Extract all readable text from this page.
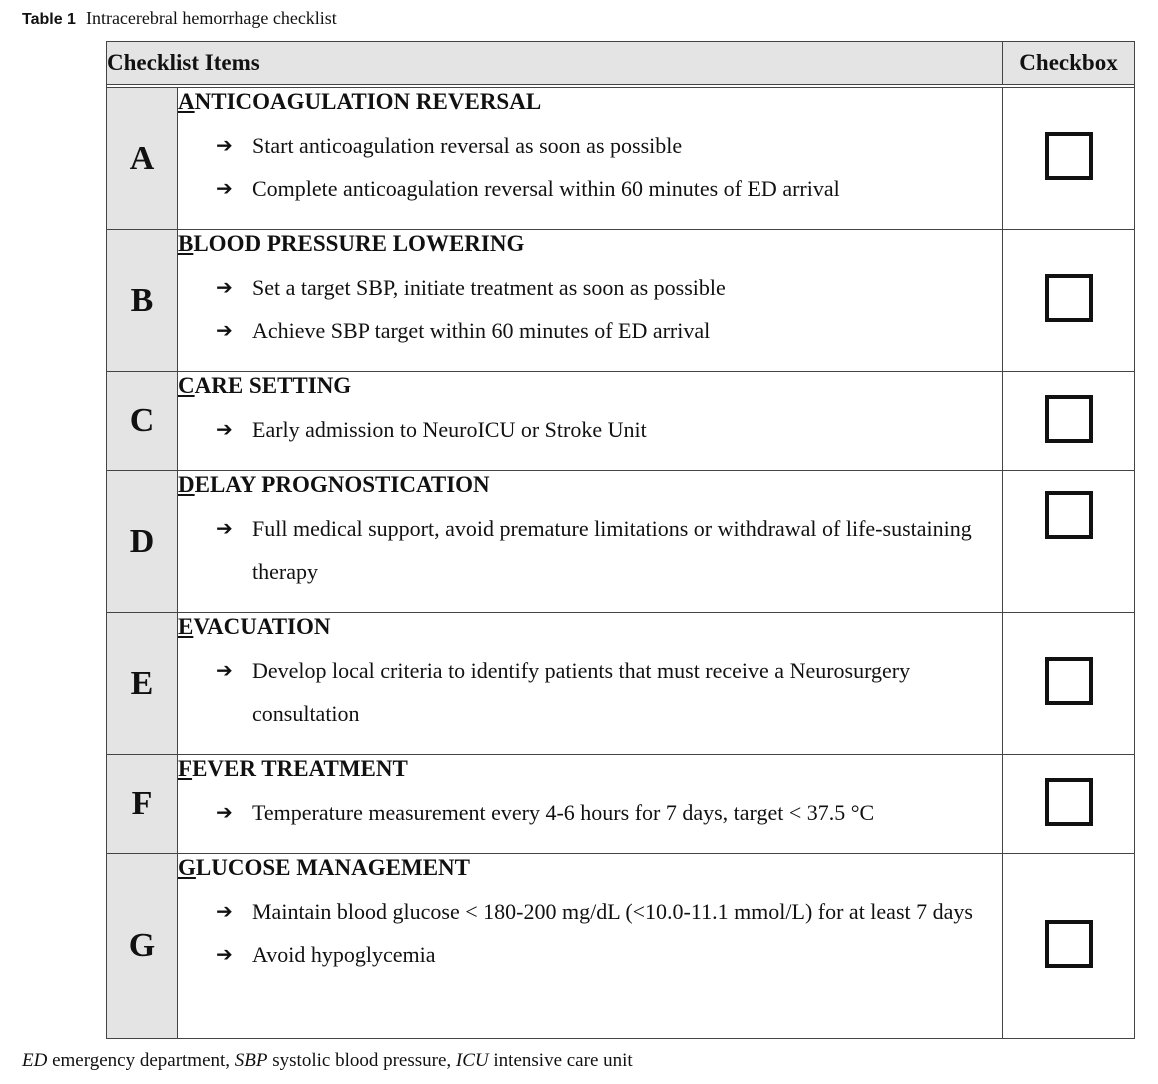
Table 1 Intracerebral hemorrhage checklist
Checklist Items		Checkbox

A	ANTICOAGULATION REVERSAL
➔ Start anticoagulation reversal as soon as possible
➔ Complete anticoagulation reversal within 60 minutes of ED arrival	

B	BLOOD PRESSURE LOWERING
➔ Set a target SBP, initiate treatment as soon as possible
➔ Achieve SBP target within 60 minutes of ED arrival	

C	CARE SETTING
➔ Early admission to NeuroICU or Stroke Unit	

D	DELAY PROGNOSTICATION
➔ Full medical support, avoid premature limitations or withdrawal of life-sustaining therapy	

E	EVACUATION
➔ Develop local criteria to identify patients that must receive a Neurosurgery consultation	

F	FEVER TREATMENT
➔ Temperature measurement every 4-6 hours for 7 days, target < 37.5 °C	

G	GLUCOSE MANAGEMENT
➔ Maintain blood glucose < 180-200 mg/dL (<10.0-11.1 mmol/L) for at least 7 days
➔ Avoid hypoglycemia	

ED emergency department, SBP systolic blood pressure, ICU intensive care unit
